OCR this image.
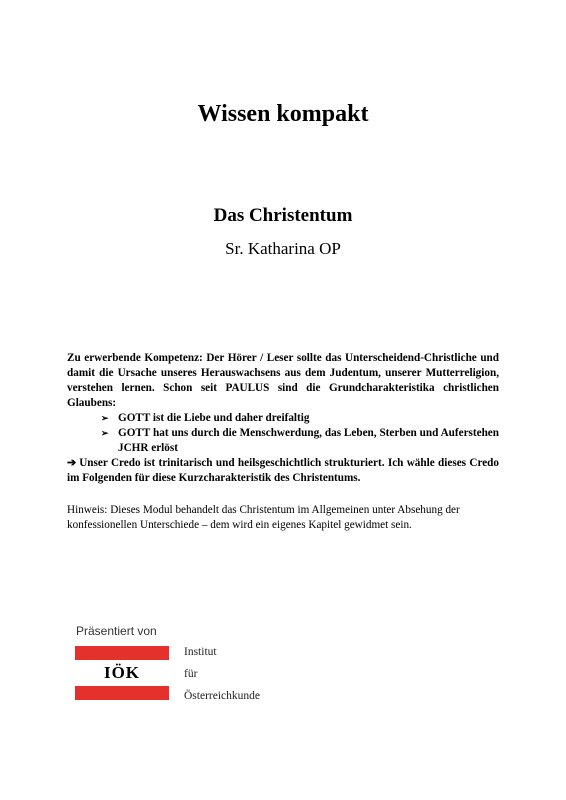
Wissen kompakt
Das Christentum

Sr. Katharina OP

Zu erwerbende Kompetenz: Der Hörer / Leser sollte das Unterscheidend-Christliche und damit die Ursache unseres Herauswachsens aus dem Judentum, unserer Mutterreligion, verstehen lernen. Schon seit PAULUS sind die Grundcharakteristika christlichen Glaubens:

➢ GOTT ist die Liebe und daher dreifaltig
➢ GOTT hat uns durch die Menschwerdung, das Leben, Sterben und Auferstehen JCHR erlöst

➔ Unser Credo ist trinitarisch und heilsgeschichtlich strukturiert. Ich wähle dieses Credo im Folgenden für diese Kurzcharakteristik des Christentums.

Hinweis: Dieses Modul behandelt das Christentum im Allgemeinen unter Absehung der konfessionellen Unterschiede – dem wird ein eigenes Kapitel gewidmet sein.

Präsentiert von

IÖK
Institut
für
Österreichkunde
